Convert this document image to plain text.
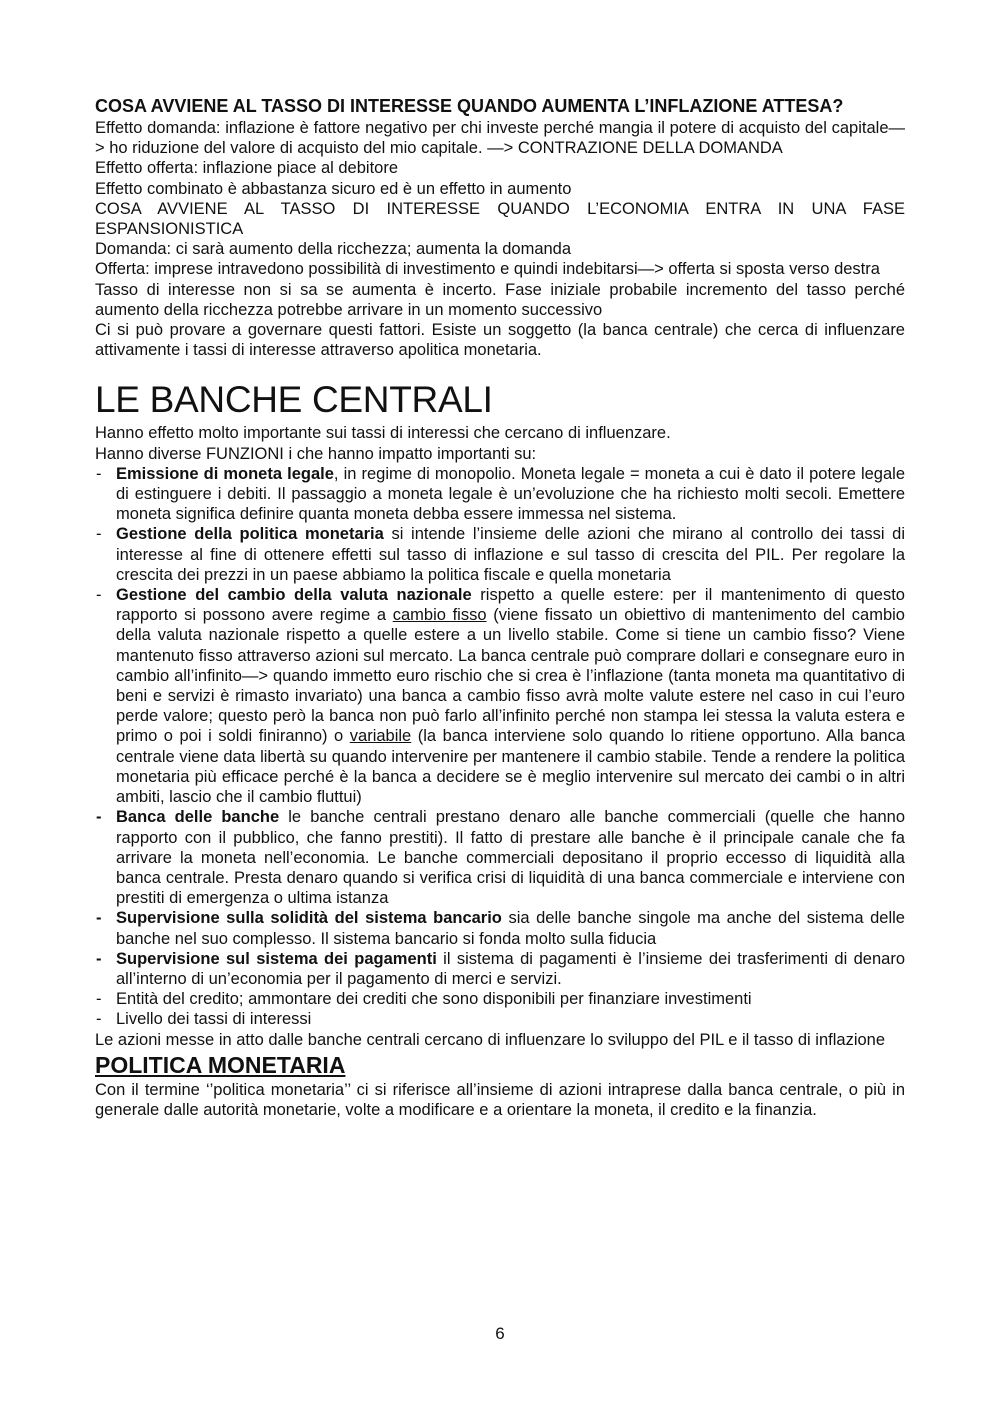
COSA AVVIENE AL TASSO DI INTERESSE QUANDO AUMENTA L’INFLAZIONE ATTESA?

Effetto domanda: inflazione è fattore negativo per chi investe perché mangia il potere di acquisto del capitale—> ho riduzione del valore di acquisto del mio capitale. —> CONTRAZIONE DELLA DOMANDA

Effetto offerta: inflazione piace al debitore

Effetto combinato è abbastanza sicuro ed è un effetto in aumento

COSA AVVIENE AL TASSO DI INTERESSE QUANDO L’ECONOMIA ENTRA IN UNA FASE ESPANSIONISTICA

Domanda: ci sarà aumento della ricchezza; aumenta la domanda

Offerta: imprese intravedono possibilità di investimento e quindi indebitarsi—> offerta si sposta verso destra

Tasso di interesse non si sa se aumenta è incerto. Fase iniziale probabile incremento del tasso perché aumento della ricchezza potrebbe arrivare in un momento successivo

Ci si può provare a governare questi fattori. Esiste un soggetto (la banca centrale) che cerca di influenzare attivamente i tassi di interesse attraverso apolitica monetaria.

LE BANCHE CENTRALI

Hanno effetto molto importante sui tassi di interessi che cercano di influenzare.

Hanno diverse FUNZIONI i che hanno impatto importanti su:

- Emissione di moneta legale, in regime di monopolio. Moneta legale = moneta a cui è dato il potere legale di estinguere i debiti. Il passaggio a moneta legale è un’evoluzione che ha richiesto molti secoli. Emettere moneta significa definire quanta moneta debba essere immessa nel sistema.
- Gestione della politica monetaria si intende l’insieme delle azioni che mirano al controllo dei tassi di interesse al fine di ottenere effetti sul tasso di inflazione e sul tasso di crescita del PIL. Per regolare la crescita dei prezzi in un paese abbiamo la politica fiscale e quella monetaria
- Gestione del cambio della valuta nazionale rispetto a quelle estere: per il mantenimento di questo rapporto si possono avere regime a cambio fisso (viene fissato un obiettivo di mantenimento del cambio della valuta nazionale rispetto a quelle estere a un livello stabile. Come si tiene un cambio fisso? Viene mantenuto fisso attraverso azioni sul mercato. La banca centrale può comprare dollari e consegnare euro in cambio all’infinito—> quando immetto euro rischio che si crea è l’inflazione (tanta moneta ma quantitativo di beni e servizi è rimasto invariato) una banca a cambio fisso avrà molte valute estere nel caso in cui l’euro perde valore; questo però la banca non può farlo all’infinito perché non stampa lei stessa la valuta estera e primo o poi i soldi finiranno) o variabile (la banca interviene solo quando lo ritiene opportuno. Alla banca centrale viene data libertà su quando intervenire per mantenere il cambio stabile. Tende a rendere la politica monetaria più efficace perché è la banca a decidere se è meglio intervenire sul mercato dei cambi o in altri ambiti, lascio che il cambio fluttui)
- Banca delle banche le banche centrali prestano denaro alle banche commerciali (quelle che hanno rapporto con il pubblico, che fanno prestiti). Il fatto di prestare alle banche è il principale canale che fa arrivare la moneta nell’economia. Le banche commerciali depositano il proprio eccesso di liquidità alla banca centrale. Presta denaro quando si verifica crisi di liquidità di una banca commerciale e interviene con prestiti di emergenza o ultima istanza
- Supervisione sulla solidità del sistema bancario sia delle banche singole ma anche del sistema delle banche nel suo complesso. Il sistema bancario si fonda molto sulla fiducia
- Supervisione sul sistema dei pagamenti il sistema di pagamenti è l’insieme dei trasferimenti di denaro all’interno di un’economia per il pagamento di merci e servizi.
- Entità del credito; ammontare dei crediti che sono disponibili per finanziare investimenti
- Livello dei tassi di interessi

Le azioni messe in atto dalle banche centrali cercano di influenzare lo sviluppo del PIL e il tasso di inflazione

POLITICA MONETARIA

Con il termine ‘’politica monetaria’’ ci si riferisce all’insieme di azioni intraprese dalla banca centrale, o più in generale dalle autorità monetarie, volte a modificare e a orientare la moneta, il credito e la finanzia.

6
